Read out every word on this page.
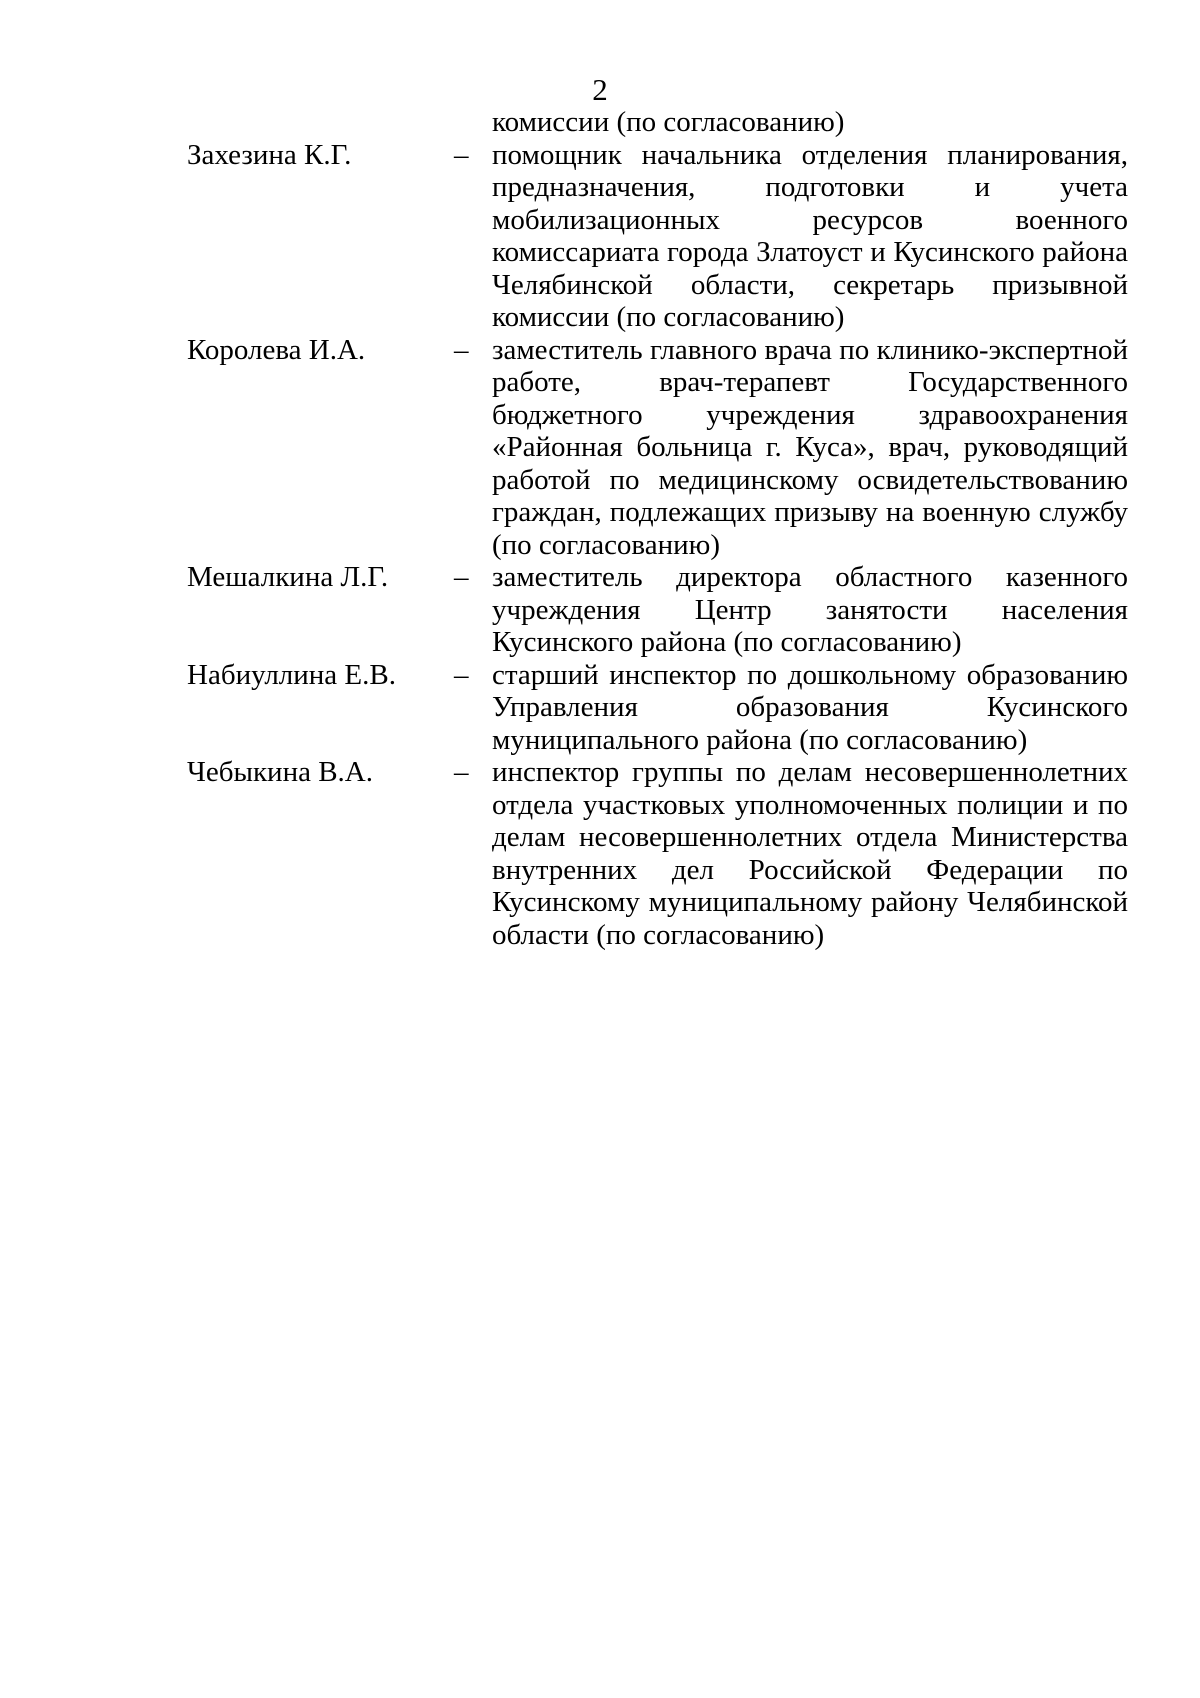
2
комиссии (по согласованию)
Захезина К.Г.	– помощник начальника отделения планирования, предназначения, подготовки и учета мобилизационных ресурсов военного комиссариата города Златоуст и Кусинского района Челябинской области, секретарь призывной комиссии (по согласованию)
Королева И.А.	– заместитель главного врача по клинико-экспертной работе, врач-терапевт Государственного бюджетного учреждения здравоохранения «Районная больница г. Куса», врач, руководящий работой по медицинскому освидетельствованию граждан, подлежащих призыву на военную службу (по согласованию)
Мешалкина Л.Г. – заместитель директора областного казенного учреждения Центр занятости населения Кусинского района (по согласованию)
Набиуллина Е.В. – старший инспектор по дошкольному образованию Управления образования Кусинского муниципального района (по согласованию)
Чебыкина В.А.	– инспектор группы по делам несовершеннолетних отдела участковых уполномоченных полиции и по делам несовершеннолетних отдела Министерства внутренних дел Российской Федерации по Кусинскому муниципальному району Челябинской области (по согласованию)
